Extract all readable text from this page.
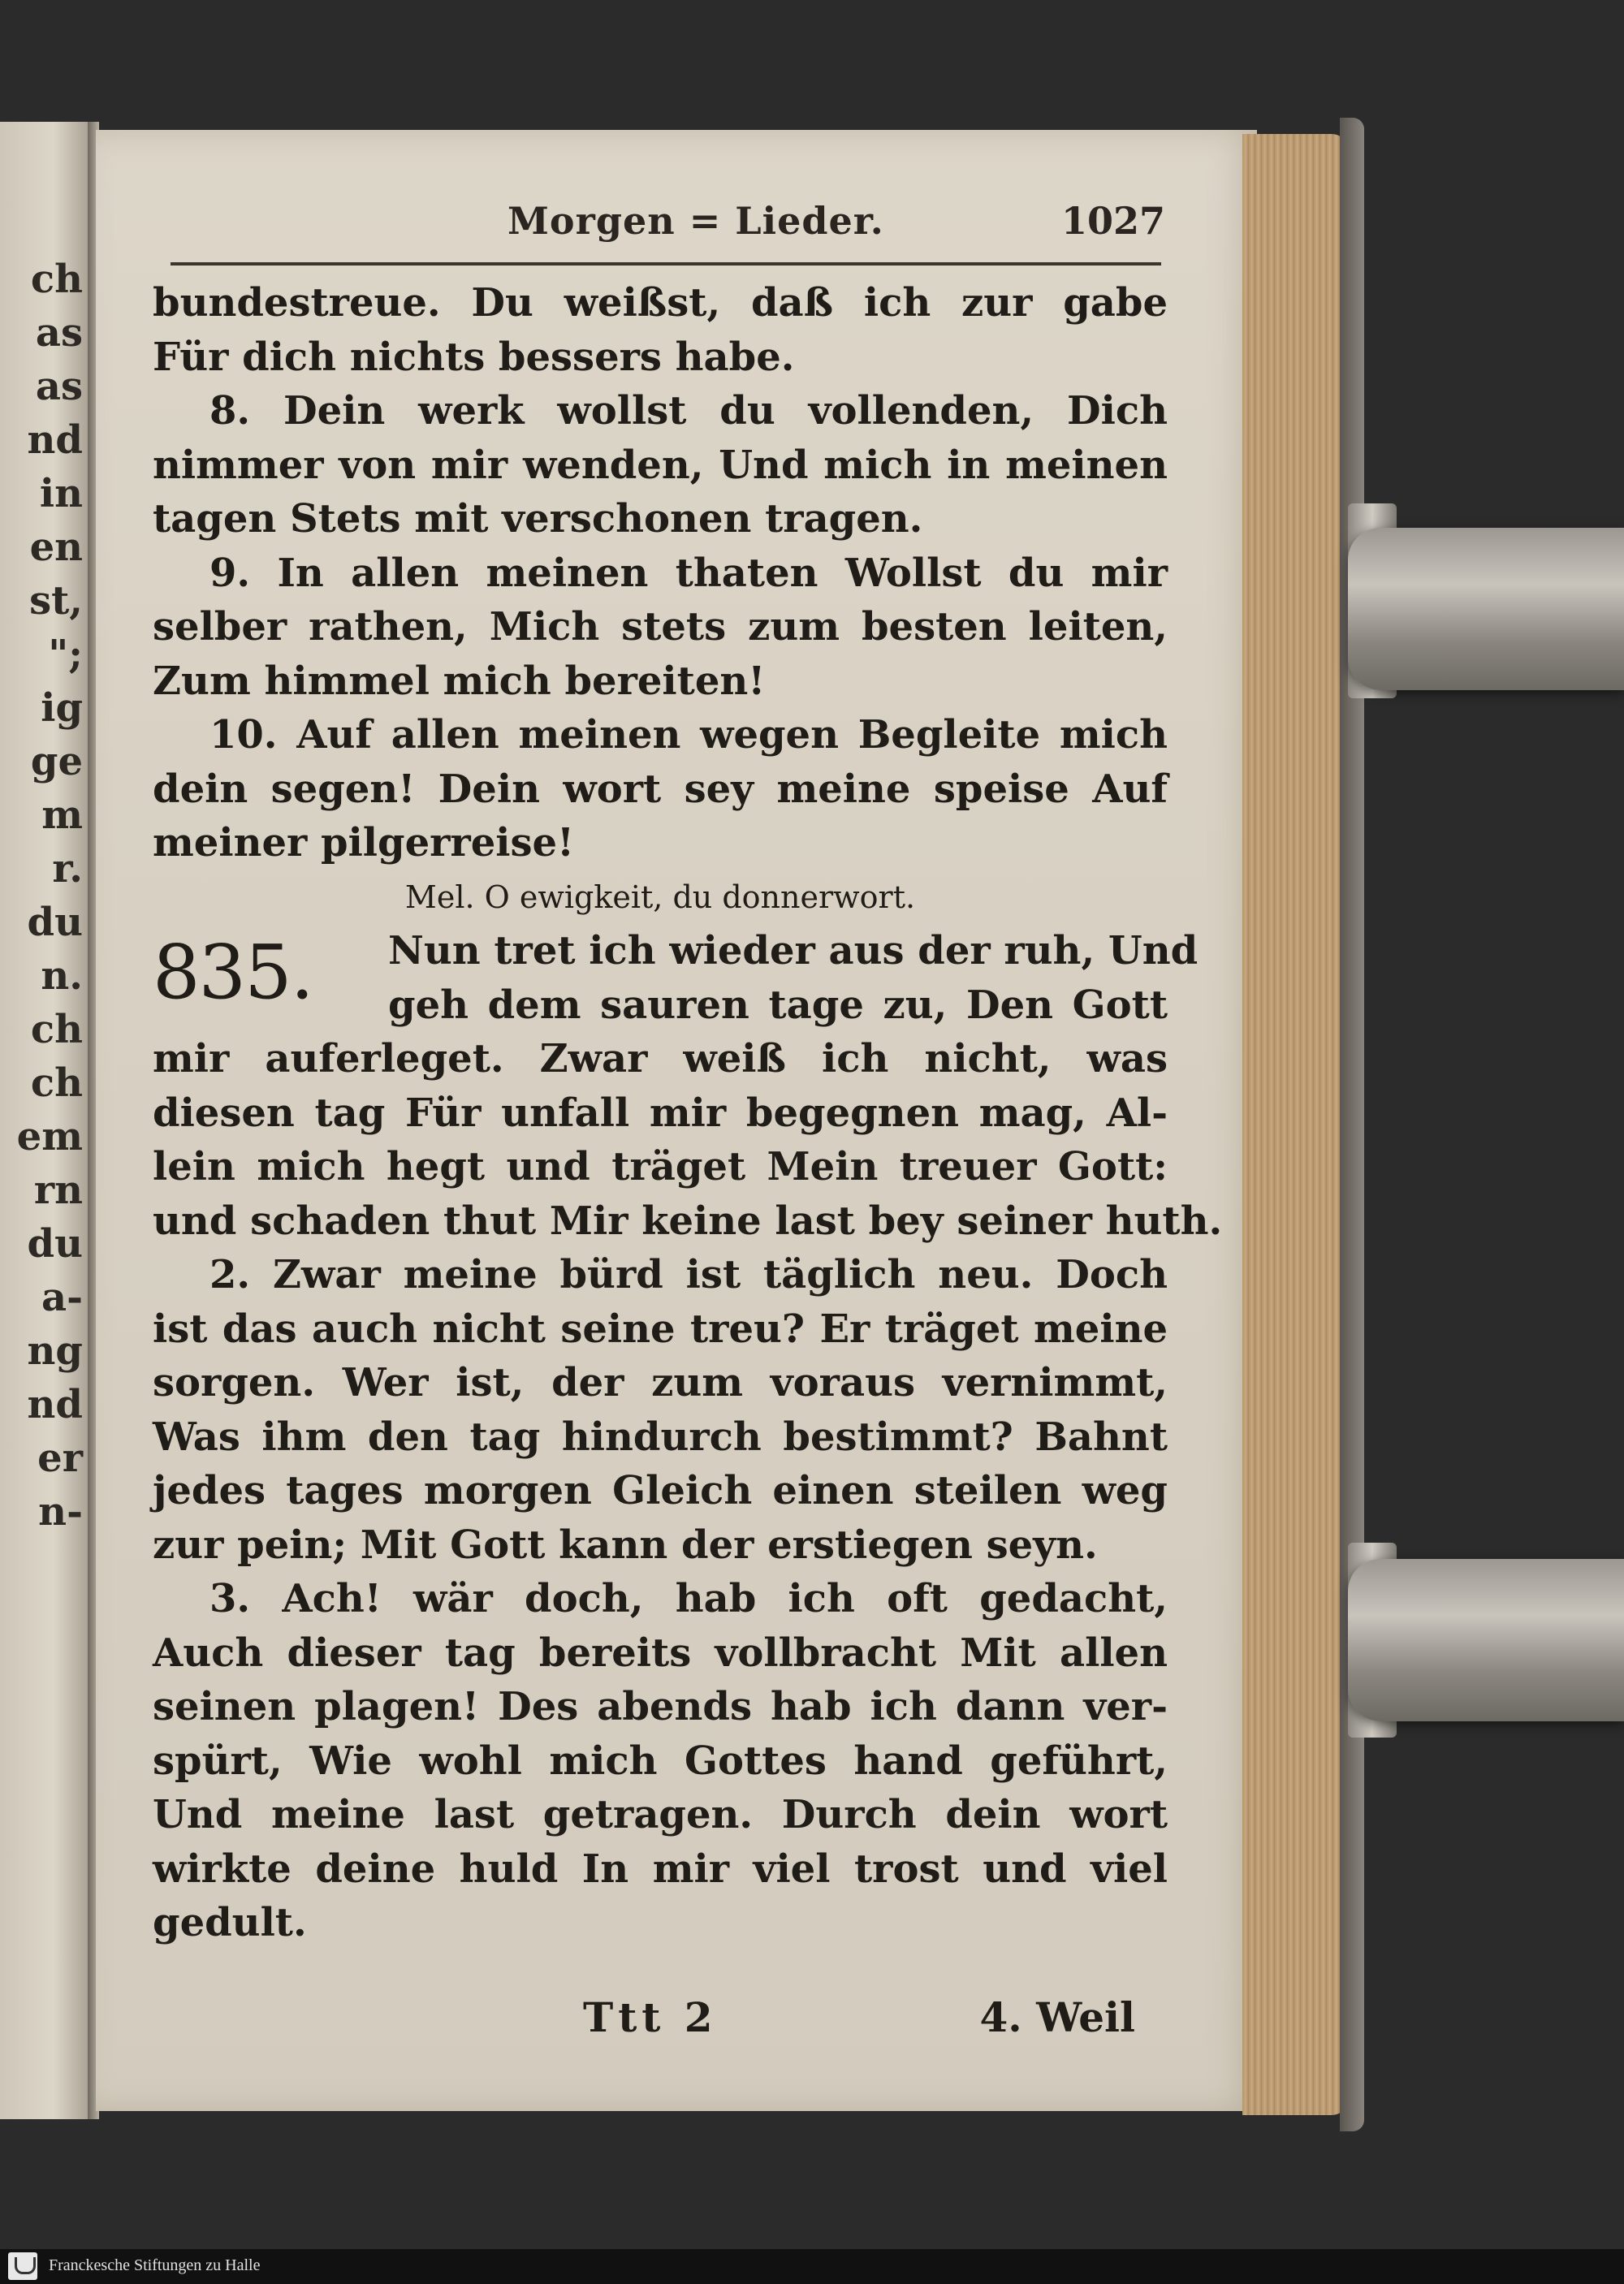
ch
as
as
nd
in
en
st,
";
ig
ge
m
r.
du
n.
ch
ch
em
rn
du
a-
ng
nd
er
n-
Morgen = Lieder.	1027
bundestreue. Du weißst, daß ich zur gabe
Für dich nichts bessers habe.
8. Dein werk wollst du vollenden, Dich
nimmer von mir wenden, Und mich in meinen
tagen Stets mit verschonen tragen.
9. In allen meinen thaten Wollst du mir
selber rathen, Mich stets zum besten leiten,
Zum himmel mich bereiten!
10. Auf allen meinen wegen Begleite mich
dein segen! Dein wort sey meine speise Auf
meiner pilgerreise!
Mel. O ewigkeit, du donnerwort.
835. Nun tret ich wieder aus der ruh, Und
geh dem sauren tage zu, Den Gott
mir auferleget. Zwar weiß ich nicht, was
diesen tag Für unfall mir begegnen mag, Al-
lein mich hegt und träget Mein treuer Gott:
und schaden thut Mir keine last bey seiner huth.
2. Zwar meine bürd ist täglich neu. Doch
ist das auch nicht seine treu? Er träget meine
sorgen. Wer ist, der zum voraus vernimmt,
Was ihm den tag hindurch bestimmt? Bahnt
jedes tages morgen Gleich einen steilen weg
zur pein; Mit Gott kann der erstiegen seyn.
3. Ach! wär doch, hab ich oft gedacht,
Auch dieser tag bereits vollbracht Mit allen
seinen plagen! Des abends hab ich dann ver-
spürt, Wie wohl mich Gottes hand geführt,
Und meine last getragen. Durch dein wort
wirkte deine huld In mir viel trost und viel
gedult.
Ttt 2	4. Weil
Franckesche Stiftungen zu Halle
